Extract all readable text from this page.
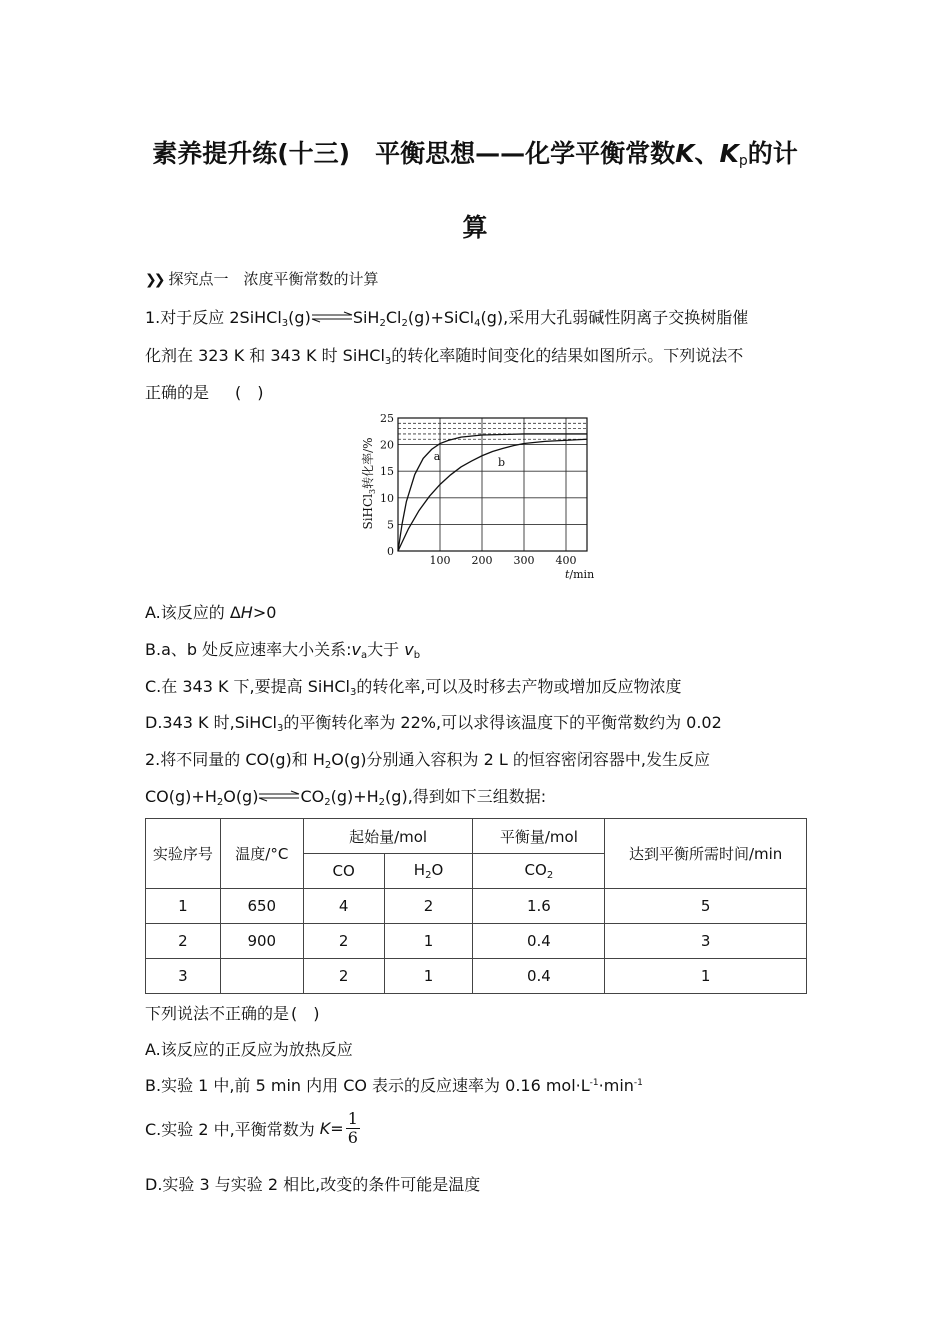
素养提升练(十三)　平衡思想——化学平衡常数K、$K_p$的计
算
❯❯ 探究点一　浓度平衡常数的计算
1.对于反应 $2SiHCl_3(g)\rightleftharpoons SiH_2Cl_2(g)+SiCl_4(g)$,采用大孔弱碱性阴离子交换树脂催
化剂在 323 K 和 343 K 时 SiHCl$_3$的转化率随时间变化的结果如图所示。下列说法不
正确的是 (　)
a	b
100 200 300 400
0
5
10
15
20
25
t/min
SiHCl$_3$转化率/%
A.该反应的 ΔH>0
B.a、b 处反应速率大小关系$:v_a$大于 $v_b$
C.在 343 K 下,要提高 SiHCl$_3$的转化率,可以及时移去产物或增加反应物浓度
D.343 K 时,SiHCl$_3$的平衡转化率为 22%,可以求得该温度下的平衡常数约为 0.02
2.将不同量的 CO(g)和 $H_2O(g)$分别通入容积为 2 L 的恒容密闭容器中,发生反应
$CO(g)+H_2O(g)\rightleftharpoons CO_2(g)+H_2(g)$,得到如下三组数据:
实验序号	温度/°C	起始量/mol		平衡量/mol	达到平衡所需时间/min
		CO	$H_2O$	$CO_2$
1	650	4	2	1.6	5
2	900	2	1	0.4	3
3		2	1	0.4	1
下列说法不正确的是 (　)
A.该反应的正反应为放热反应
B.实验 1 中,前 5 min 内用 CO 表示的反应速率为 0.16 $mol\cdot L^{-1}\cdot\min^{-1}$
C.实验 2 中,平衡常数为 $K= \frac{1}{6}$
D.实验 3 与实验 2 相比,改变的条件可能是温度
